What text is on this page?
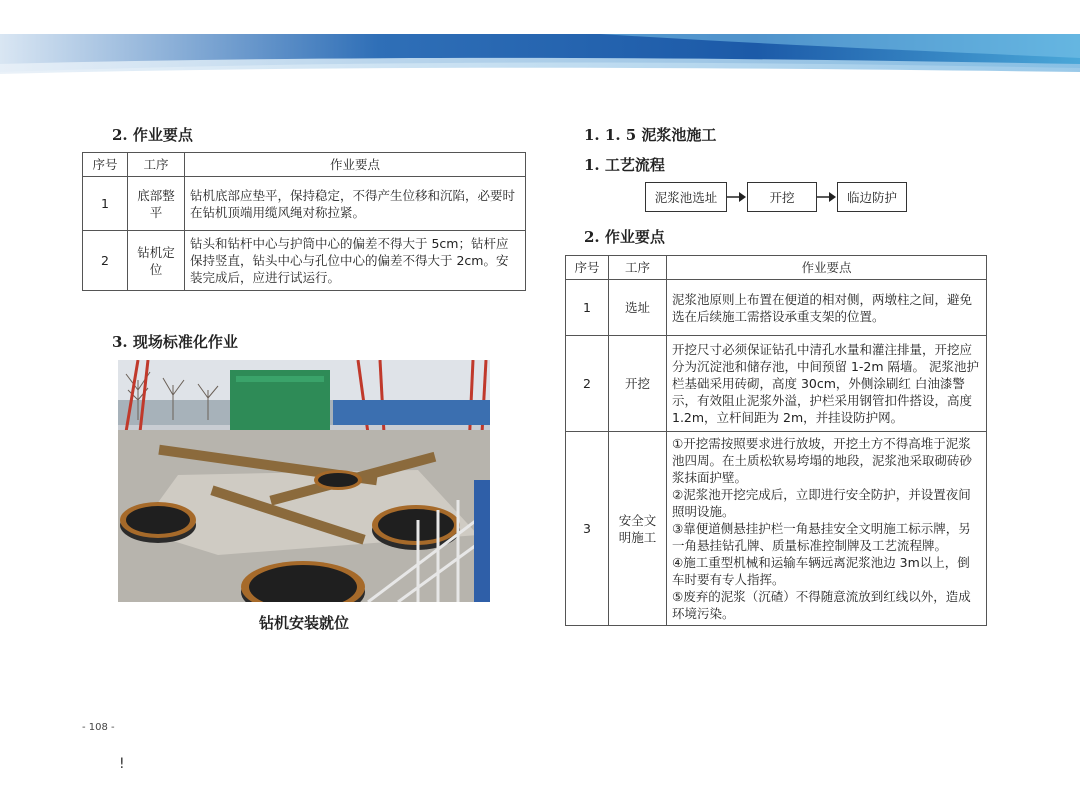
2. 作业要点
序号	工序	作业要点
1	底部整平	钻机底部应垫平，保持稳定，不得产生位移和沉陷，必要时在钻机顶端用缆风绳对称拉紧。
2	钻机定位	钻头和钻杆中心与护筒中心的偏差不得大于 5cm；钻杆应保持竖直，钻头中心与孔位中心的偏差不得大于 2cm。安装完成后，应进行试运行。
3. 现场标准化作业
钻机安装就位
1. 1. 5 泥浆池施工
1. 工艺流程
泥浆池选址	开挖	临边防护
2. 作业要点
序号	工序	作业要点
1	选址	泥浆池原则上布置在便道的相对侧，两墩柱之间，避免选在后续施工需搭设承重支架的位置。
2	开挖	开挖尺寸必须保证钻孔中清孔水量和灌注排量，开挖应分为沉淀池和储存池，中间预留 1-2m 隔墙。 泥浆池护栏基础采用砖砌，高度 30cm，外侧涂刷红 白油漆警示，有效阻止泥浆外溢，护栏采用钢管扣件搭设，高度 1.2m，立杆间距为 2m，并挂设防护网。
3	安全文明施工	①开挖需按照要求进行放坡，开挖土方不得高堆于泥浆池四周。在土质松软易垮塌的地段，泥浆池采取砌砖砂浆抹面护壁。
②泥浆池开挖完成后，立即进行安全防护，并设置夜间照明设施。
③靠便道侧悬挂护栏一角悬挂安全文明施工标示牌，另一角悬挂钻孔牌、质量标准控制牌及工艺流程牌。
④施工重型机械和运输车辆远离泥浆池边 3m以上，倒车时要有专人指挥。
⑤废弃的泥浆（沉碴）不得随意流放到红线以外，造成环境污染。
- 108 -
!
